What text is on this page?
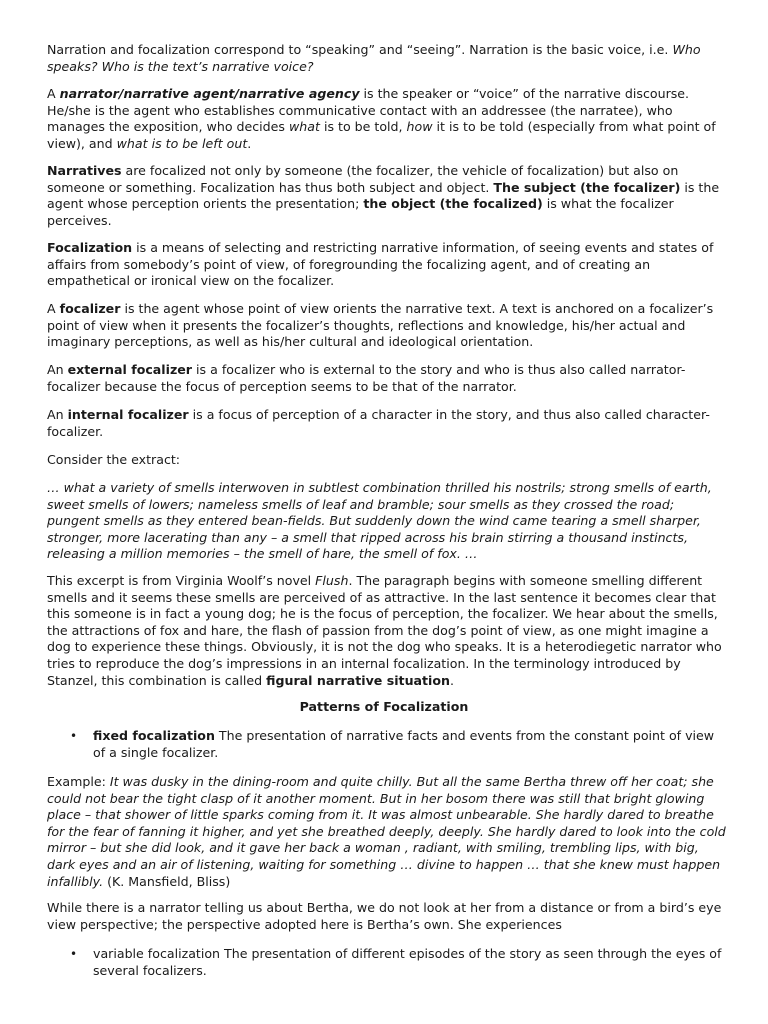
Narration and focalization correspond to “speaking” and “seeing”. Narration is the basic voice, i.e. Who speaks? Who is the text’s narrative voice?

A narrator/narrative agent/narrative agency is the speaker or “voice” of the narrative discourse. He/she is the agent who establishes communicative contact with an addressee (the narratee), who manages the exposition, who decides what is to be told, how it is to be told (especially from what point of view), and what is to be left out.

Narratives are focalized not only by someone (the focalizer, the vehicle of focalization) but also on someone or something. Focalization has thus both subject and object. The subject (the focalizer) is the agent whose perception orients the presentation; the object (the focalized) is what the focalizer perceives.

Focalization is a means of selecting and restricting narrative information, of seeing events and states of affairs from somebody’s point of view, of foregrounding the focalizing agent, and of creating an empathetical or ironical view on the focalizer.

A focalizer is the agent whose point of view orients the narrative text. A text is anchored on a focalizer’s point of view when it presents the focalizer’s thoughts, reflections and knowledge, his/her actual and imaginary perceptions, as well as his/her cultural and ideological orientation.

An external focalizer is a focalizer who is external to the story and who is thus also called narrator-focalizer because the focus of perception seems to be that of the narrator.

An internal focalizer is a focus of perception of a character in the story, and thus also called character-focalizer.

Consider the extract:

… what a variety of smells interwoven in subtlest combination thrilled his nostrils; strong smells of earth, sweet smells of lowers; nameless smells of leaf and bramble; sour smells as they crossed the road; pungent smells as they entered bean-fields. But suddenly down the wind came tearing a smell sharper, stronger, more lacerating than any – a smell that ripped across his brain stirring a thousand instincts, releasing a million memories – the smell of hare, the smell of fox. …

This excerpt is from Virginia Woolf’s novel Flush. The paragraph begins with someone smelling different smells and it seems these smells are perceived of as attractive. In the last sentence it becomes clear that this someone is in fact a young dog; he is the focus of perception, the focalizer. We hear about the smells, the attractions of fox and hare, the flash of passion from the dog’s point of view, as one might imagine a dog to experience these things. Obviously, it is not the dog who speaks. It is a heterodiegetic narrator who tries to reproduce the dog’s impressions in an internal focalization. In the terminology introduced by Stanzel, this combination is called figural narrative situation.

Patterns of Focalization

• fixed focalization The presentation of narrative facts and events from the constant point of view of a single focalizer.

Example: It was dusky in the dining-room and quite chilly. But all the same Bertha threw off her coat; she could not bear the tight clasp of it another moment. But in her bosom there was still that bright glowing place – that shower of little sparks coming from it. It was almost unbearable. She hardly dared to breathe for the fear of fanning it higher, and yet she breathed deeply, deeply. She hardly dared to look into the cold mirror – but she did look, and it gave her back a woman , radiant, with smiling, trembling lips, with big, dark eyes and an air of listening, waiting for something … divine to happen … that she knew must happen infallibly. (K. Mansfield, Bliss)

While there is a narrator telling us about Bertha, we do not look at her from a distance or from a bird’s eye view perspective; the perspective adopted here is Bertha’s own. She experiences

• variable focalization The presentation of different episodes of the story as seen through the eyes of several focalizers.
